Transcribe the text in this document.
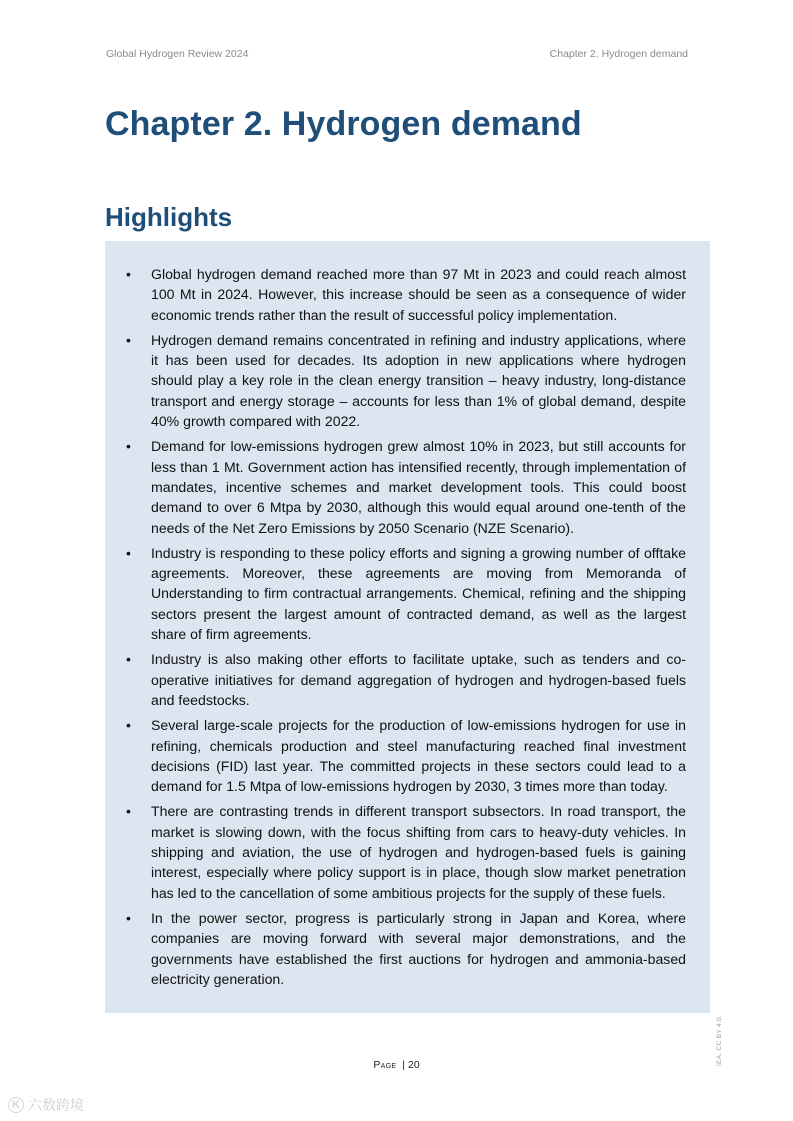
Global Hydrogen Review 2024	Chapter 2. Hydrogen demand
Chapter 2. Hydrogen demand
Highlights
• Global hydrogen demand reached more than 97 Mt in 2023 and could reach almost 100 Mt in 2024. However, this increase should be seen as a consequence of wider economic trends rather than the result of successful policy implementation.
• Hydrogen demand remains concentrated in refining and industry applications, where it has been used for decades. Its adoption in new applications where hydrogen should play a key role in the clean energy transition – heavy industry, long-distance transport and energy storage – accounts for less than 1% of global demand, despite 40% growth compared with 2022.
• Demand for low-emissions hydrogen grew almost 10% in 2023, but still accounts for less than 1 Mt. Government action has intensified recently, through implementation of mandates, incentive schemes and market development tools. This could boost demand to over 6 Mtpa by 2030, although this would equal around one-tenth of the needs of the Net Zero Emissions by 2050 Scenario (NZE Scenario).
• Industry is responding to these policy efforts and signing a growing number of offtake agreements. Moreover, these agreements are moving from Memoranda of Understanding to firm contractual arrangements. Chemical, refining and the shipping sectors present the largest amount of contracted demand, as well as the largest share of firm agreements.
• Industry is also making other efforts to facilitate uptake, such as tenders and co-operative initiatives for demand aggregation of hydrogen and hydrogen-based fuels and feedstocks.
• Several large-scale projects for the production of low-emissions hydrogen for use in refining, chemicals production and steel manufacturing reached final investment decisions (FID) last year. The committed projects in these sectors could lead to a demand for 1.5 Mtpa of low-emissions hydrogen by 2030, 3 times more than today.
• There are contrasting trends in different transport subsectors. In road transport, the market is slowing down, with the focus shifting from cars to heavy-duty vehicles. In shipping and aviation, the use of hydrogen and hydrogen-based fuels is gaining interest, especially where policy support is in place, though slow market penetration has led to the cancellation of some ambitious projects for the supply of these fuels.
• In the power sector, progress is particularly strong in Japan and Korea, where companies are moving forward with several major demonstrations, and the governments have established the first auctions for hydrogen and ammonia-based electricity generation.
Page | 20	IEA. CC BY 4.0.
K 六数跨境
